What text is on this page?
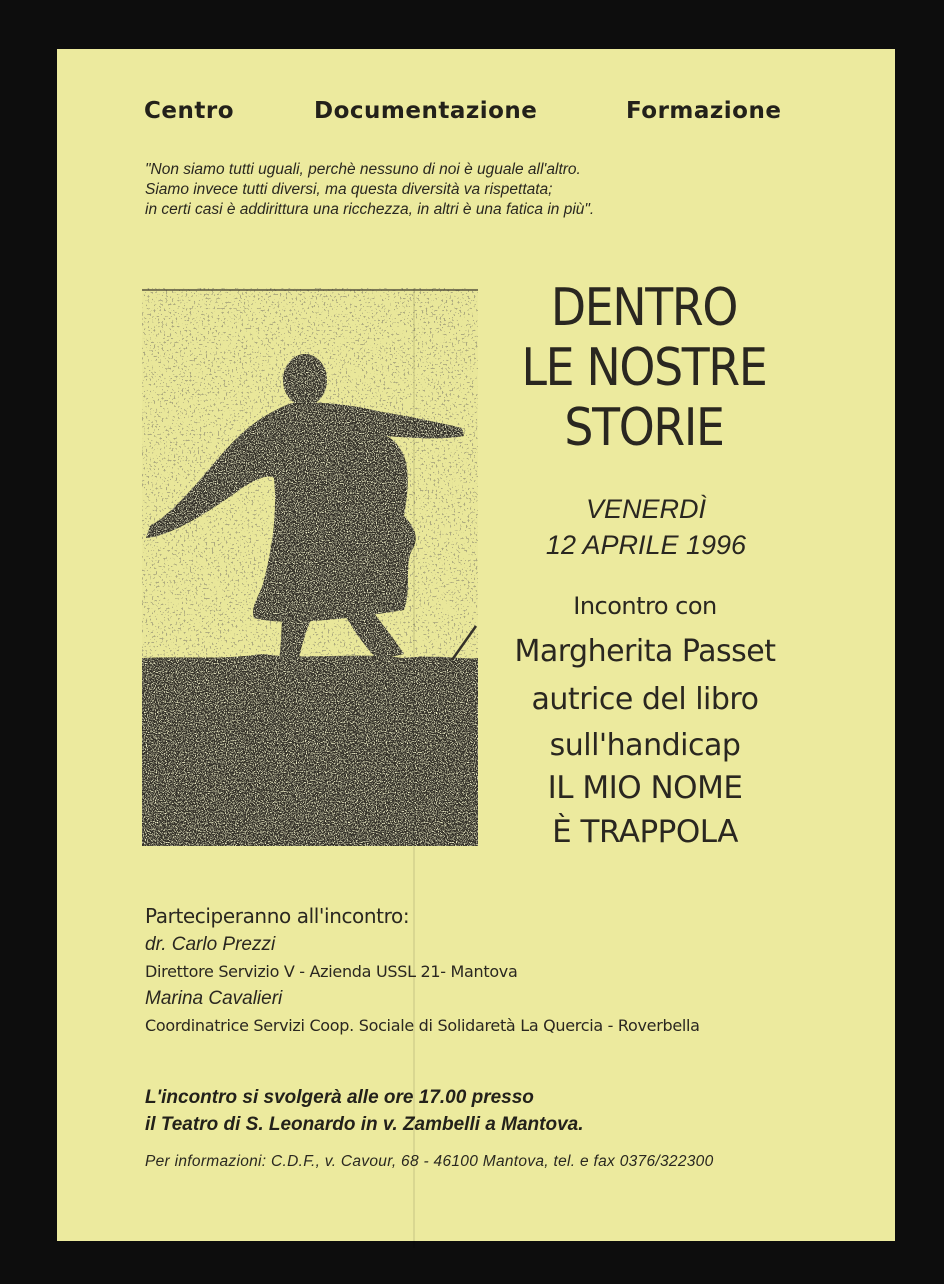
Centro	Documentazione	Formazione
"Non siamo tutti uguali, perchè nessuno di noi è uguale all'altro.
Siamo invece tutti diversi, ma questa diversità va rispettata;
in certi casi è addirittura una ricchezza, in altri è una fatica in più".
DENTRO
LE NOSTRE
STORIE
VENERDÌ
12 APRILE 1996
Incontro con
Margherita Passet
autrice del libro
sull'handicap
IL MIO NOME
È TRAPPOLA
Parteciperanno all'incontro:
dr. Carlo Prezzi
Direttore Servizio V - Azienda USSL 21- Mantova
Marina Cavalieri
Coordinatrice Servizi Coop. Sociale di Solidaretà La Quercia - Roverbella
L'incontro si svolgerà alle ore 17.00 presso
il Teatro di S. Leonardo in v. Zambelli a Mantova.
Per informazioni: C.D.F., v. Cavour, 68 - 46100 Mantova, tel. e fax 0376/322300
